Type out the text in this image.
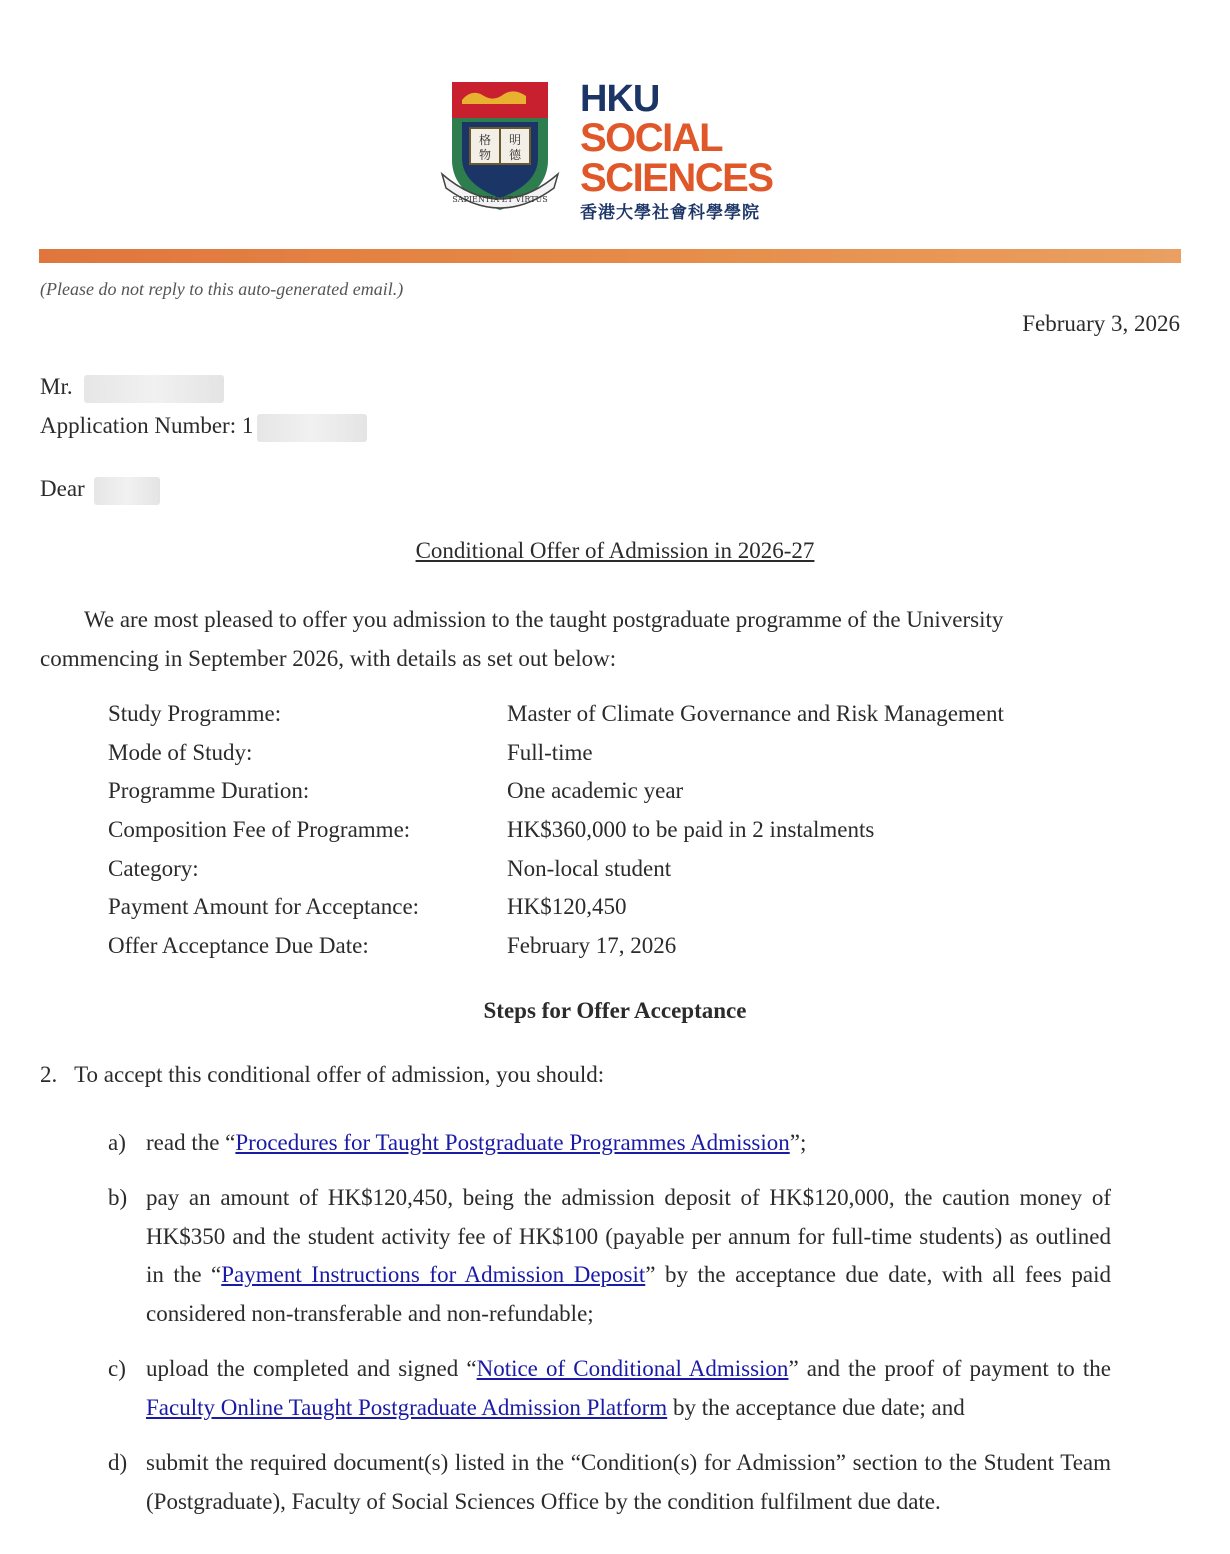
格 明
物 德
SAPIENTIA ET VIRTUS
HKU
SOCIAL
SCIENCES
香港大學社會科學學院
(Please do not reply to this auto-generated email.)
February 3, 2026
Mr.
Application Number: 1
Dear
Conditional Offer of Admission in 2026-27
We are most pleased to offer you admission to the taught postgraduate programme of the University commencing in September 2026, with details as set out below:
Study Programme:	Master of Climate Governance and Risk Management
Mode of Study:	Full-time
Programme Duration:	One academic year
Composition Fee of Programme:	HK$360,000 to be paid in 2 instalments
Category:	Non-local student
Payment Amount for Acceptance:	HK$120,450
Offer Acceptance Due Date:	February 17, 2026
Steps for Offer Acceptance
2. To accept this conditional offer of admission, you should:
a) read the “Procedures for Taught Postgraduate Programmes Admission”;
b) pay an amount of HK$120,450, being the admission deposit of HK$120,000, the caution money of HK$350 and the student activity fee of HK$100 (payable per annum for full-time students) as outlined in the “Payment Instructions for Admission Deposit” by the acceptance due date, with all fees paid considered non-transferable and non-refundable;
c) upload the completed and signed “Notice of Conditional Admission” and the proof of payment to the Faculty Online Taught Postgraduate Admission Platform by the acceptance due date; and
d) submit the required document(s) listed in the “Condition(s) for Admission” section to the Student Team (Postgraduate), Faculty of Social Sciences Office by the condition fulfilment due date.
